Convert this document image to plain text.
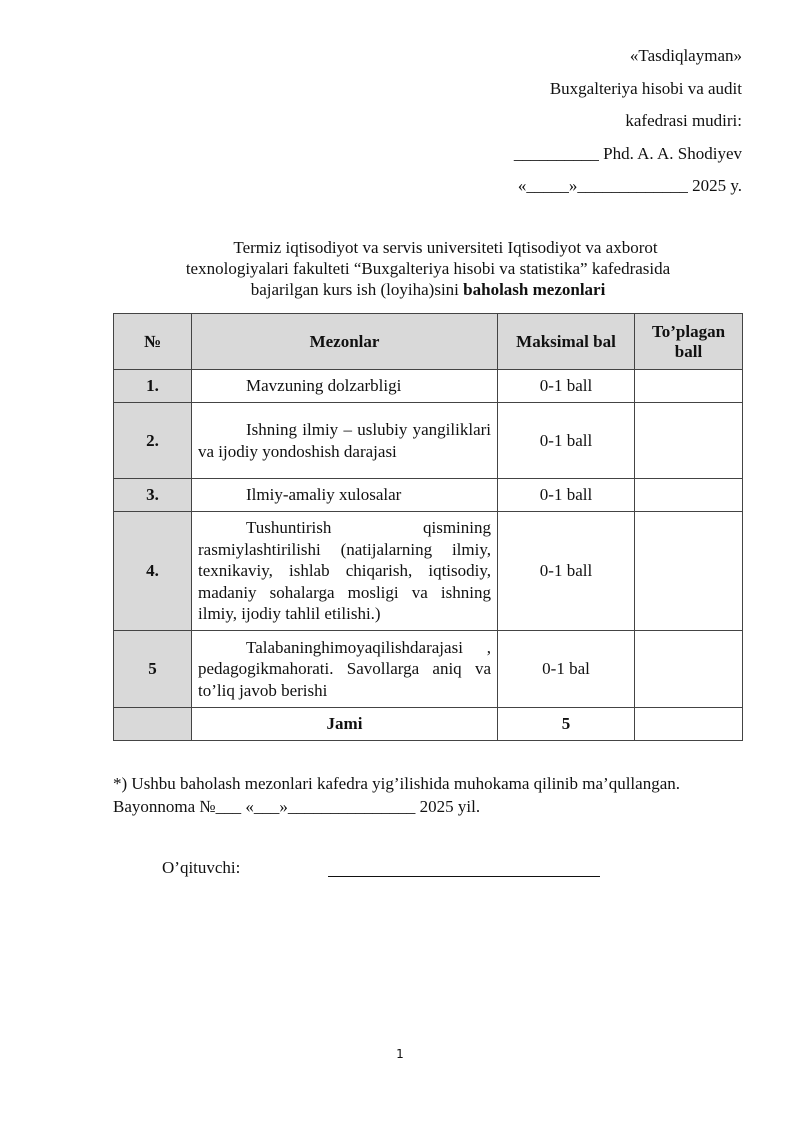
«Tasdiqlayman»
Buxgalteriya hisobi va audit
kafedrasi mudiri:
__________ Phd. A. A. Shodiyev
«_____»_____________ 2025 y.
Termiz iqtisodiyot va servis universiteti Iqtisodiyot va axborot
texnologiyalari fakulteti “Buxgalteriya hisobi va statistika” kafedrasida
bajarilgan kurs ish (loyiha)sini baholash mezonlari
№	Mezonlar	Maksimal bal	To’plagan ball
1.	Mavzuning dolzarbligi	0-1 ball	
2.	Ishning ilmiy – uslubiy yangiliklari va ijodiy yondoshish darajasi	0-1 ball	
3.	Ilmiy-amaliy xulosalar	0-1 ball	
4.	Tushuntirish qismining rasmiylashtirilishi (natijalarning ilmiy, texnikaviy, ishlab chiqarish, iqtisodiy, madaniy sohalarga mosligi va ishning ilmiy, ijodiy tahlil etilishi.)	0-1 ball	
5	Talabaninghimoyaqilishdarajasi , pedagogikmahorati. Savollarga aniq va to’liq javob berishi	0-1 bal	
	Jami	5	
*) Ushbu baholash mezonlari kafedra yig’ilishida muhokama qilinib ma’qullangan.
Bayonnoma №___ «___»_______________ 2025 yil.
O’qituvchi:
1
